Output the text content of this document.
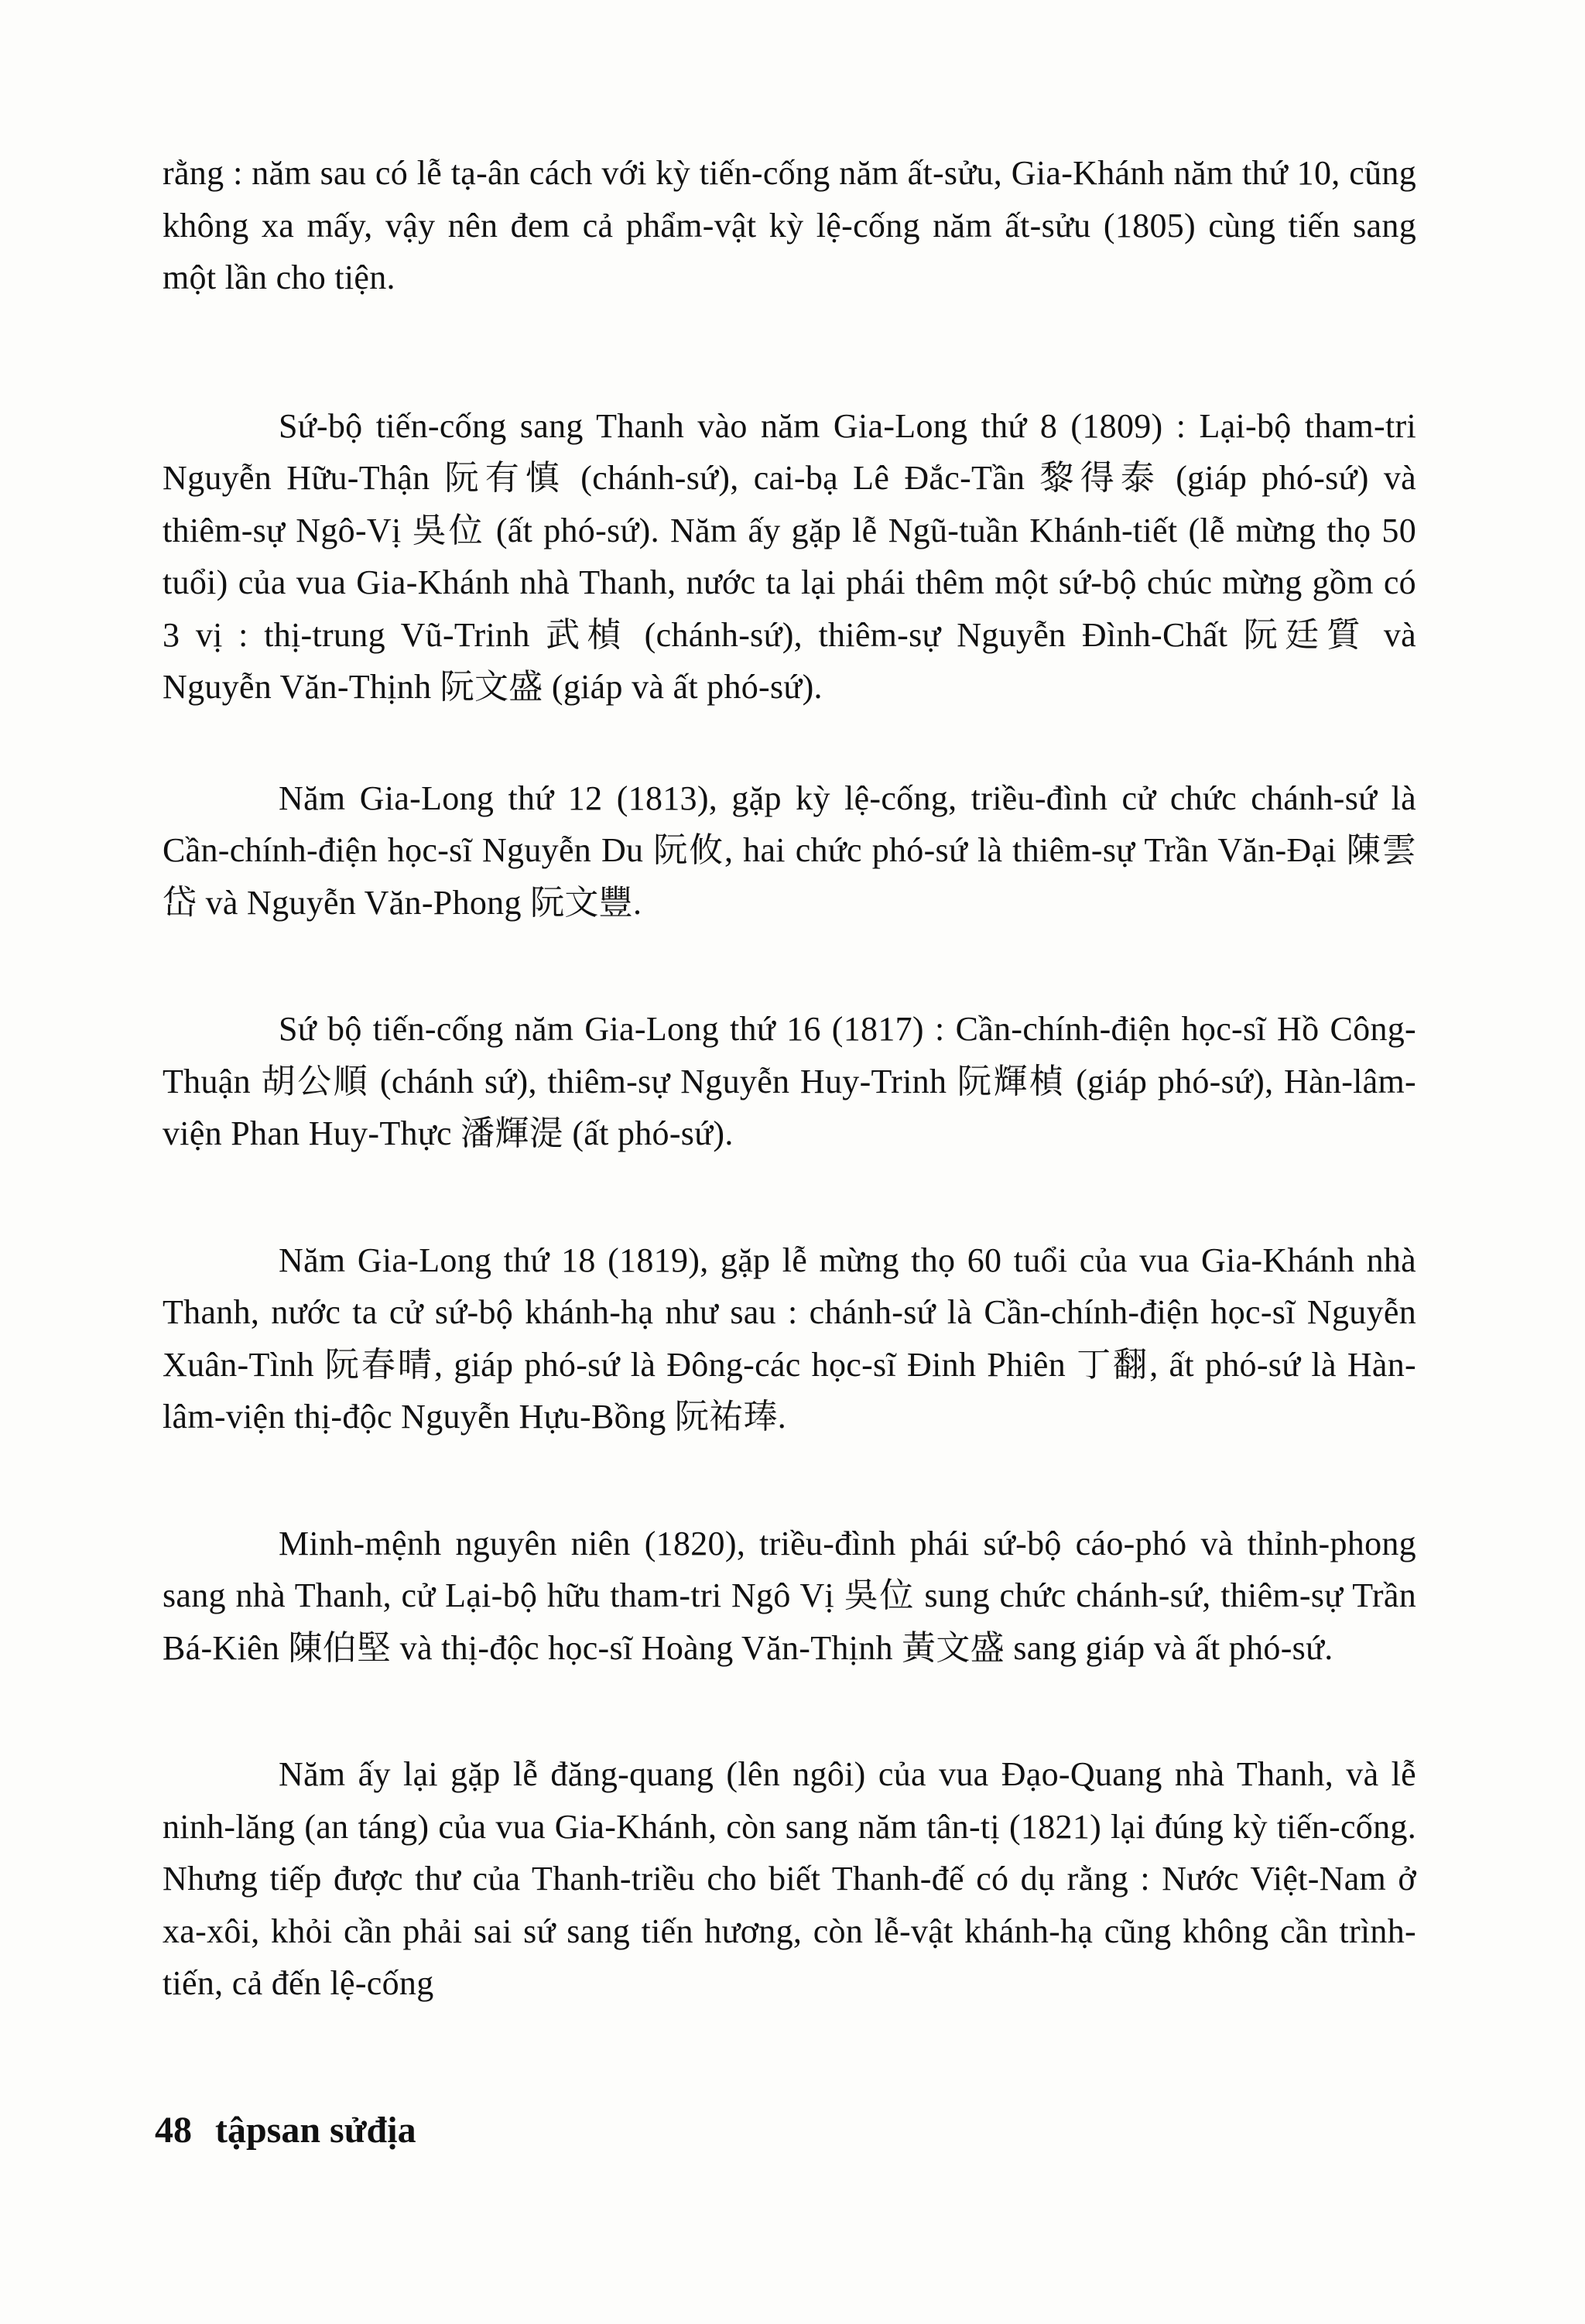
rằng : năm sau có lễ tạ-ân cách với kỳ tiến-cống năm ất-sửu, Gia-Khánh năm thứ 10, cũng không xa mấy, vậy nên đem cả phẩm-vật kỳ lệ-cống năm ất-sửu (1805) cùng tiến sang một lần cho tiện.

Sứ-bộ tiến-cống sang Thanh vào năm Gia-Long thứ 8 (1809) : Lại-bộ tham-tri Nguyễn Hữu-Thận 阮有慎 (chánh-sứ), cai-bạ Lê Đắc-Tần 黎得泰 (giáp phó-sứ) và thiêm-sự Ngô-Vị 吳位 (ất phó-sứ). Năm ấy gặp lễ Ngũ-tuần Khánh-tiết (lễ mừng thọ 50 tuổi) của vua Gia-Khánh nhà Thanh, nước ta lại phái thêm một sứ-bộ chúc mừng gồm có 3 vị : thị-trung Vũ-Trinh 武楨 (chánh-sứ), thiêm-sự Nguyễn Đình-Chất 阮廷質 và Nguyễn Văn-Thịnh 阮文盛 (giáp và ất phó-sứ).

Năm Gia-Long thứ 12 (1813), gặp kỳ lệ-cống, triều-đình cử chức chánh-sứ là Cần-chính-điện học-sĩ Nguyễn Du 阮攸, hai chức phó-sứ là thiêm-sự Trần Văn-Đại 陳雲岱 và Nguyễn Văn-Phong 阮文豐.

Sứ bộ tiến-cống năm Gia-Long thứ 16 (1817) : Cần-chính-điện học-sĩ Hồ Công-Thuận 胡公順 (chánh sứ), thiêm-sự Nguyễn Huy-Trinh 阮輝楨 (giáp phó-sứ), Hàn-lâm-viện Phan Huy-Thực 潘輝湜 (ất phó-sứ).

Năm Gia-Long thứ 18 (1819), gặp lễ mừng thọ 60 tuổi của vua Gia-Khánh nhà Thanh, nước ta cử sứ-bộ khánh-hạ như sau : chánh-sứ là Cần-chính-điện học-sĩ Nguyễn Xuân-Tình 阮春晴, giáp phó-sứ là Đông-các học-sĩ Đinh Phiên 丁翻, ất phó-sứ là Hàn-lâm-viện thị-độc Nguyễn Hựu-Bồng 阮祐琫.

Minh-mệnh nguyên niên (1820), triều-đình phái sứ-bộ cáo-phó và thỉnh-phong sang nhà Thanh, cử Lại-bộ hữu tham-tri Ngô Vị 吳位 sung chức chánh-sứ, thiêm-sự Trần Bá-Kiên 陳伯堅 và thị-độc học-sĩ Hoàng Văn-Thịnh 黃文盛 sang giáp và ất phó-sứ.

Năm ấy lại gặp lễ đăng-quang (lên ngôi) của vua Đạo-Quang nhà Thanh, và lễ ninh-lăng (an táng) của vua Gia-Khánh, còn sang năm tân-tị (1821) lại đúng kỳ tiến-cống. Nhưng tiếp được thư của Thanh-triều cho biết Thanh-đế có dụ rằng : Nước Việt-Nam ở xa-xôi, khỏi cần phải sai sứ sang tiến hương, còn lễ-vật khánh-hạ cũng không cần trình-tiến, cả đến lệ-cống

48 tậpsan sửđịa
